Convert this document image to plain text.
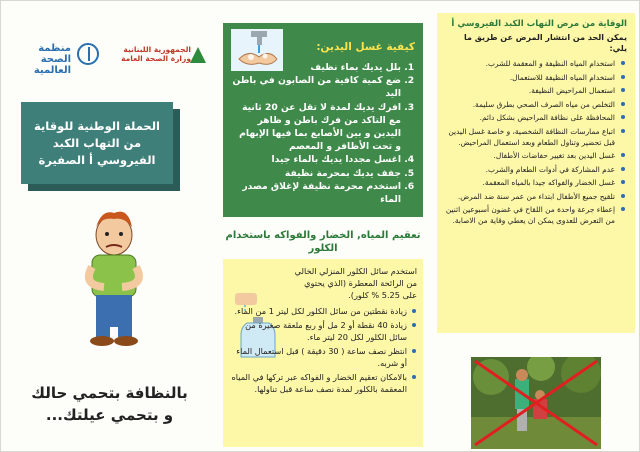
منظمة الصحة العالمية
الجمهورية اللبنانية وزارة الصحة العامة
الحملة الوطنية للوقاية من التهاب الكبد الفيروسي أ الصفيرة
بالنظافة بتحمي حالك
و بتحمي عيلتك...
كيفية غسل اليدين:
1. بلل يديك بماء نظيف
2. ضع كمية كافية من الصابون في باطن اليد
3. افرك يديك لمدة لا تقل عن 20 ثانية مع التاكد من فرك باطن و ظاهر اليدين و بين الأصابع بما فيها الإبهام و تحت الأظافر و المعصم
4. اغسل مجددا يديك بالماء جيدا
5. جفف يديك بمحرمة نظيفة
6. استخدم محرمة نظيفة لإغلاق مصدر الماء
تعقيم المياه, الخضار والفواكه باستخدام الكلور
استخدم سائل الكلور المنزلي الخالي من الرائحة المعطرة (الذي يحتوي على 5.25 % كلور).
زيادة نقطتين من سائل الكلور لكل ليتر 1 من الماء.
زيادة 40 نقطة أو 2 مل أو ربع ملعقة صغيرة من سائل الكلور لكل 20 ليتر ماء.
انتظر نصف ساعة ( 30 دقيقة ) قبل استعمال الماء أو شربه.
بالامكان تعقيم الخضار و الفواكه عبر تركها في المياه المعقمة بالكلور لمدة نصف ساعة قبل تناولها.
الوقاية من مرض التهاب الكبد الفيروسي أ
يمكن الحد من انتشار المرض عن طريق ما يلي:
استخدام المياه النظيفة و المعقمة للشرب.
استخدام المياه النظيفة للاستعمال.
استعمال المراحيض النظيفة.
التخلص من مياه الصرف الصحي بطرق سليمة.
المحافظة على نظافة المراحيض بشكل دائم.
اتباع ممارسات النظافة الشخصية، و خاصة غسل اليدين قبل تحضير وتناول الطعام وبعد استعمال المراحيض.
غسل اليدين بعد تغيير حفاضات الأطفال.
عدم المشاركة في أدوات الطعام والشرب.
غسل الخضار والفواكه جيدا بالمياه المعقمة.
تلقيح جميع الأطفال ابتداء من عمر سنة ضد المرض.
إعطاء جرعة واحدة من اللقاح في غضون أسبوعين اثنين من التعرض للعدوى يمكن ان يعطي وقاية من الاصابة.
